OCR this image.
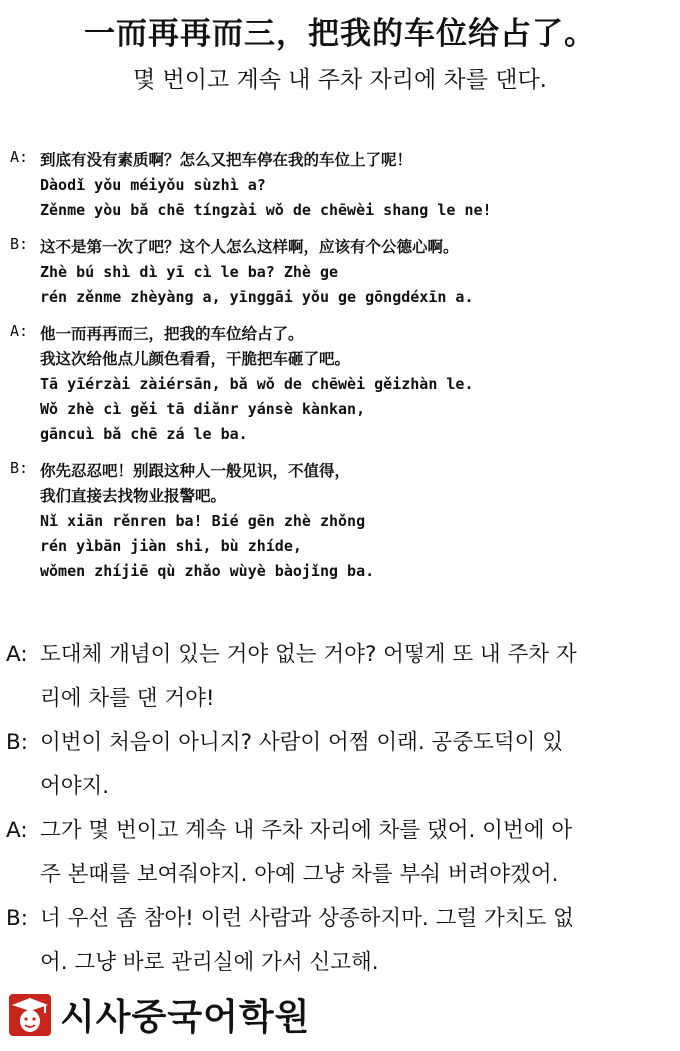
一而再再而三，把我的车位给占了。
몇 번이고 계속 내 주차 자리에 차를 댄다.
A: 到底有没有素质啊？怎么又把车停在我的车位上了呢！
Dàodǐ yǒu méiyǒu sùzhì a?
Zěnme yòu bǎ chē tíngzài wǒ de chēwèi shang le ne!
B: 这不是第一次了吧？这个人怎么这样啊，应该有个公德心啊。
Zhè bú shì dì yī cì le ba? Zhè ge
rén zěnme zhèyàng a, yīnggāi yǒu ge gōngdéxīn a.
A: 他一而再再而三，把我的车位给占了。
我这次给他点儿颜色看看，干脆把车砸了吧。
Tā yīérzài zàiérsān, bǎ wǒ de chēwèi gěizhàn le.
Wǒ zhè cì gěi tā diǎnr yánsè kànkan,
gāncuì bǎ chē zá le ba.
B: 你先忍忍吧！别跟这种人一般见识，不值得，
我们直接去找物业报警吧。
Nǐ xiān rěnren ba! Bié gēn zhè zhǒng
rén yìbān jiàn shi, bù zhíde,
wǒmen zhíjiē qù zhǎo wùyè bàojǐng ba.
A: 도대체 개념이 있는 거야 없는 거야? 어떻게 또 내 주차 자
리에 차를 댄 거야!
B: 이번이 처음이 아니지? 사람이 어쩜 이래. 공중도덕이 있
어야지.
A: 그가 몇 번이고 계속 내 주차 자리에 차를 댔어. 이번에 아
주 본때를 보여줘야지. 아예 그냥 차를 부숴 버려야겠어.
B: 너 우선 좀 참아! 이런 사람과 상종하지마. 그럴 가치도 없
어. 그냥 바로 관리실에 가서 신고해.
시사중국어학원
